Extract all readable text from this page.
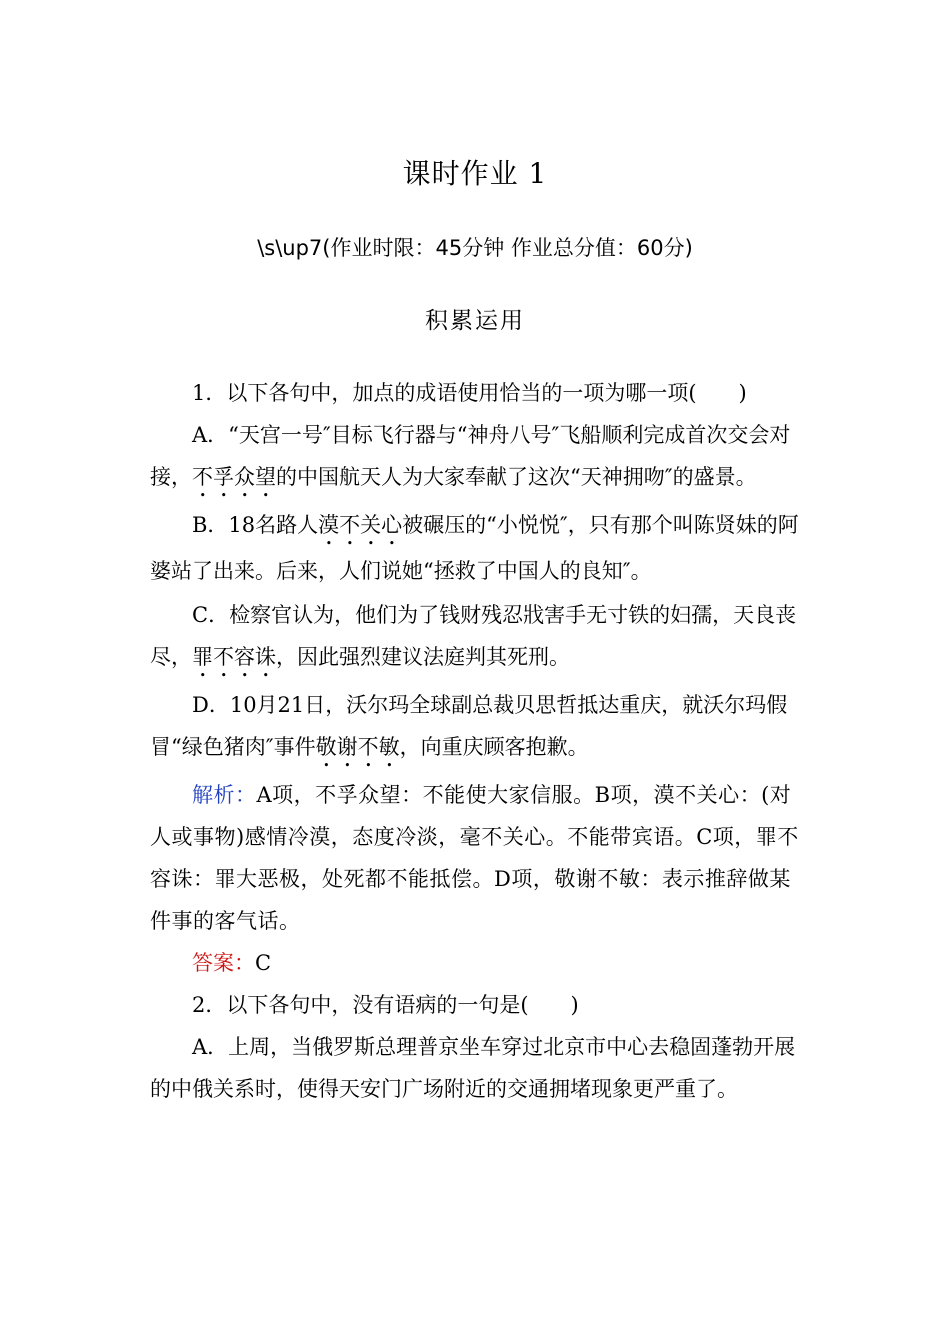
课时作业 1
\s\up7(作业时限：45分钟 作业总分值：60分)
积累运用

1．以下各句中，加点的成语使用恰当的一项为哪一项(　　)

A．“天宫一号″目标飞行器与“神舟八号″飞船顺利完成首次交会对接，不孚众望的中国航天人为大家奉献了这次“天神拥吻″的盛景。

B．18名路人漠不关心被碾压的“小悦悦″，只有那个叫陈贤妹的阿婆站了出来。后来，人们说她“拯救了中国人的良知″。

C．检察官认为，他们为了钱财残忍戕害手无寸铁的妇孺，天良丧尽，罪不容诛，因此强烈建议法庭判其死刑。

D．10月21日，沃尔玛全球副总裁贝思哲抵达重庆，就沃尔玛假冒“绿色猪肉″事件敬谢不敏，向重庆顾客抱歉。

解析：A项，不孚众望：不能使大家信服。B项，漠不关心：(对人或事物)感情冷漠，态度冷淡，毫不关心。不能带宾语。C项，罪不容诛：罪大恶极，处死都不能抵偿。D项，敬谢不敏：表示推辞做某件事的客气话。

答案：C

2．以下各句中，没有语病的一句是(　　)

A．上周，当俄罗斯总理普京坐车穿过北京市中心去稳固蓬勃开展的中俄关系时，使得天安门广场附近的交通拥堵现象更严重了。
